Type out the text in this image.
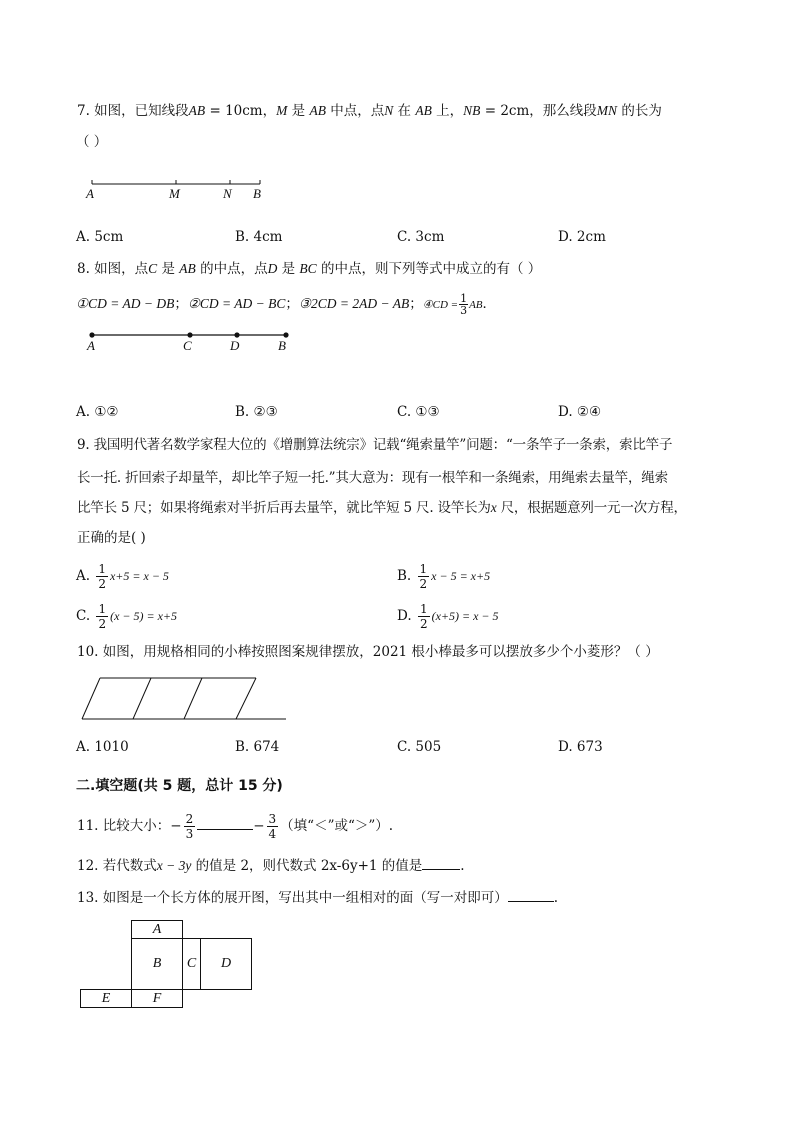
7. 如图，已知线段AB = 10cm，M 是 AB 中点，点N 在 AB 上，NB = 2cm，那么线段MN 的长为
（ ）
A	M	N B
A. 5cm	B. 4cm	C. 3cm	D. 2cm
8. 如图，点C 是 AB 的中点，点D 是 BC 的中点，则下列等式中成立的有（ ）
①CD = AD − DB；②CD = AD − BC；③2CD = 2AD − AB；④CD = $\frac{1}{3}$ AB．
A	C	D	B
A. ①②	B. ②③	C. ①③	D. ②④
9. 我国明代著名数学家程大位的《增删算法统宗》记载“绳索量竿”问题：“一条竿子一条索，索比竿子
长一托. 折回索子却量竿，却比竿子短一托.”其大意为：现有一根竿和一条绳索，用绳索去量竿，绳索
比竿长 5 尺；如果将绳索对半折后再去量竿，就比竿短 5 尺. 设竿长为x 尺，根据题意列一元一次方程，
正确的是( )
A. $\frac{1}{2} x+5 = x - 5$	B. $\frac{1}{2}$ x − 5 = x+5
C. $\frac{1}{2} (x - 5) = x+5$	D. $\frac{1}{2} (x+5) = x - 5$
10. 如图，用规格相同的小棒按照图案规律摆放，2021 根小棒最多可以摆放多少个小菱形？（ ）
A. 1010	B. 674	C. 505	D. 673
二.填空题(共 5 题，总计 15 分)
11. 比较大小：− $\frac{2}{3}$	− $\frac{3}{4}$ （填“＜”或“＞”）.
12. 若代数式x − 3y 的值是 2，则代数式 2x-6y+1 的值是	.
13. 如图是一个长方体的展开图，写出其中一组相对的面（写一对即可）	.
A
B	C	D
E	F
